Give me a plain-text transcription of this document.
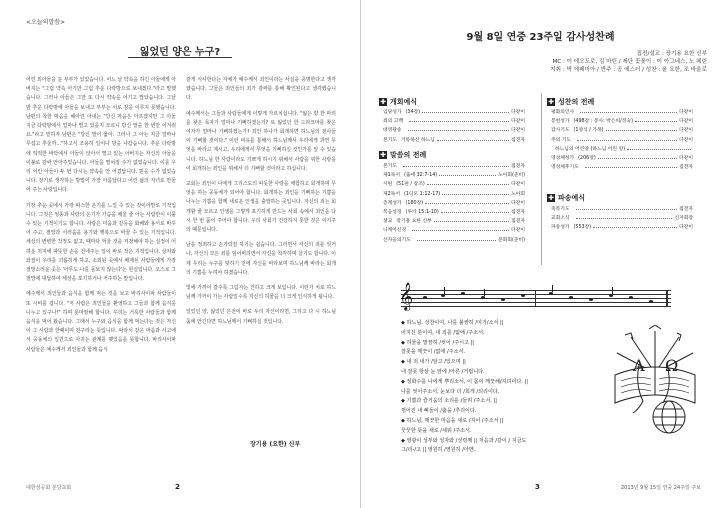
<오늘의말씀>
잃었던 양은 누구?

어린 외아들을 둔 부부가 있었습니다. 어느 날 약속을 하긴 아들에게 아버지는 "그럼 약속 아기만 그럼 추운 다락방으로 보내겠다."라고 말했습니다. 그러나 아들은 그만 또 다시 약속을 어기고 말았습니다. 그날 밤 추운 다락방에 아들을 보내고 부부는 서로 잠을 이루지 못했습니다. 남편의 착한 마음을 헤아린 아내는 "당신 마음은 아프겠지만 그 아들 지금 다락방에서 얼마나 떨고 있을지 모르니 당신 말을 한 번만 어겨줘요."라고 말하자 남편은 "당신 말이 옳아. 그러나 그 아는 지금 얼마나 무섭고 추울까..."하고서 조용히 일어나 방을 나갔습니다. 추운 다락방에 떡떡한 바닥에서 아들이 앉아서 떨고 있는 아버지는 자신의 아들을 이불로 감싸 안아주었습니다. 아들을 떨어질 수가 없었습니다. 이를 우리 어린 아들이 두 번 다시는 약속을 안 어겼답니다. 믿을 수가 없었습니다. 장기로 생각하는 방법이 가장 아름답다고 어린 삶의 자녀로 만들어 주는 사랑입니다.

가장 추운 곳에서 가장 따스한 온기를 느낄 수 있는 것이야말로 기적입니다. 그것은 엉뚱과 사랑의 온기가 가슴을 채울 줄 아는 사람만이 이룰 수 있는 기적이기도 합니다. 사랑은 미움과 갈등을 화해와 용서로 바꾸어 주고, 절망과 서러움을 용기와 행복으로 바꿀 수 있는 기적입니다. 세상의 변변한 작정도 없고, 때마다 억울 것을 걱정해야 하는 실정이 어려운 처지에 따뜻한 손을 건네주는 일이 바로 작은 기적입니다. 상처와 좌절이 우리를 괴롭히게 하고, 소외된 곳에서 배제된 사람들에게 가장 절망스러운 곳은 '아무도 나를 돌보지 않는다'는 현실입니다. 오스로 그 절망에 대답하여 세상을 포기하거나 저주하는 말입니다.

예수께서 죄인들과 음식을 함께 먹는 것을 보고 바리사이파 사람들이 또 시비를 겁니다. "저 사람은 죄인들을 환영하고 그들과 함께 음식을 나누고 있구나!" 하며 못마땅해 합니다. 우리는 거룩한 사람들과 함께 음식을 먹어 왔습니다. 그래서 누구와 음식을 함께 먹는다는 것은 자신이 그 사람과 한패이며 친구라는 뜻입니다. 따라서 같은 마음과 사고에서 공동체의 일원으로 사귀는 관계를 맺었음을 뜻합니다. 바리사이파 사람들은 예수께서 죄인들과 함께 음식

같게 식사한다는 자체가 예수께서 죄인이라는 사실을 증명한다고 생각했습니다. 그들은 죄인들의 죄가 감싸를 통해 확인된다고 생각했습니다.

예수께서는 그들과 사람들에게 이렇게 가르치십니다. "잃은 양 한 마리를 찾은 목자가 얼마나 기뻐하겠는가? 또 잃었던 한 드라크마를 찾은 여자가 얼마나 기뻐하겠는가? 죄인 하나가 회개하면 하느님의 천사들이 기뻐할 것이다." 이런 비유를 통해서 하느님께서 우리에게 과연 무엇을 바라고 계시고, 우리에게서 무엇을 기뻐하실 것인가를 알 수 있습니다. 하느님 한 사람이라도 기쁘게 하시기 위해서 사람을 위한 사랑을 이 회개하는 죄인을 위해서 더 기뻐할 것이라고 하십니다.

교회는 죄인이 나에게 그리스도의 따듯한 사랑을 체험하고 회개하며 무엇을 하는 공동체가 되어야 합니다. 회개하는 죄인을 기뻐하는 기쁨을 나누는 기쁨을 함께 새로운 인생을 출발하는 곳입니다. 자신의 죄는 회개할 줄 모르고 인생을 그렇게 포기하게 만드는 사회 속에서 죄인을 다시 한 번 품어 주어야 합니다. 우리 사회가 건강하지 못한 것은 이기주의 때문입니다.

남을 정죄하고 손가락질 하기는 쉽습니다. 그러면서 자신의 죄를 잊거나, 자신의 모든 죄를 덮어버리면서 자신을 착각하며 살기도 합니다. 이제 우리는 누구를 탓하기 전에 자신을 바라보며 하느님께 바라는 회개의 기쁨을 누려야 하겠습니다.

빛에 가까이 갈수록 그림자는 진하고 크게 보입니다. 이런가 치로 하느님께 가까이 가는 사람일수록 자신의 허물을 더 크게 인식하게 됩니다.

일었던 양, 잃었던 은전이 바로 우리 자신이라면, 그리고 다 시 하느님 품에 안긴다면 하느님께서 기뻐하실 것입니다.

장기용 (요한) 신부
대한성공회 분당교회	2
9월 8일 연중 23주일 감사성찬례
집전/설교 : 장기용 요한 신부
MC : 이 데오도로, 김 마틴 / 제단 꽃꽂이 : 이 아그네스, 노 헤린
지휘 : 박 에페미아 / 반주 : 공 에스더 / 성찬 : 윤 요한, 조 바울로
✚ 개회예식
입당성가 (34장)	다같이
죄의 고백	다같이
대영광송	다같이
본기도 거룩하신 하느님	집전자
✚ 말씀의 전례
본기도	집전자
제1독서 (출애 32:7-14)	노아회(준비)
시편 (51편 / 장조)	다같이
제2독서 (1디모 1:12-17)	노아회
층계성가 (180장)	다같이
복음성경 (루카 15:1-10)	집전자
설교 장기용 요한 신부	집전자
니케아신경	다같이
신자들의기도	문화회(준비)
✚ 성찬의 전례
평화의인사	다같이
봉헌성가 (498장 : 봉사: 박은희/정숙)	다같이
감사기도 (1양식 / 가목)	다같이
주의 기도	다같이
하느님의 어린양 (하느님 어린 양)
영성체성가 (206장)	다같이
영성체후기도	집전자
✚ 파송예식
축복기도	집전자
교회소식	신자회장
파송성가 (553장)	다같이
𝄞

◆ 하느님, 성찬이여, 나를 불쌍히 /여기/소서 ||

어지신 분이여, 내 죄를 /없애 /주소서.

◆ 허물을 말끔히 /씻어 /주시고 ||

잘못을 깨끗이 /없애 /주소서.

◆ 내 죄 내가 /알고 /있으며 ||

내 잘못 항상 눈 앞에 /아른 /거립니다.

◆ 정화수를 나에게 뿌리소서, 이 몸이 깨끗해/지리이다. ||

나를 씻어주소서, 눈보다 더 /희게 /되리이다.

◆ 기쁨과 즐거움의 소리를 /들려 /주소서. ||

꺾어진 내 뼈들이 /춤을 /추리이다.

◆ 하느님, 깨끗한 마음을 새로 /지어 /주소서 ||

꿋꿋한 뜻을 새로 /세워 /주소서.

◆ 영광이 성부와 성자와 /성령께 || 처음과 /같이 / 지금도

그/리-/고 || 영원히 /영원히 /아멘.

A Ω
3	2013년 9월 15일 연중 24주일 주보
